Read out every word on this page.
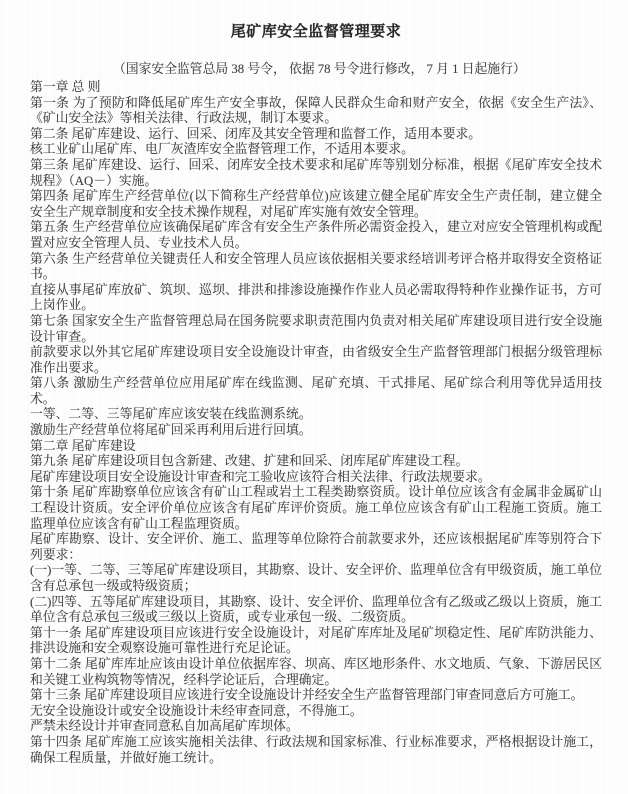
尾矿库安全监督管理要求
（国家安全监管总局 38 号令， 依据 78 号令进行修改， 7 月 1 日起施行）

第一章 总 则

第一条 为了预防和降低尾矿库生产安全事故，保障人民群众生命和财产安全，依据《安全生产法》、《矿山安全法》等相关法律、行政法规，制订本要求。

第二条 尾矿库建设、运行、回采、闭库及其安全管理和监督工作，适用本要求。

核工业矿山尾矿库、电厂灰渣库安全监督管理工作，不适用本要求。

第三条 尾矿库建设、运行、回采、闭库安全技术要求和尾矿库等别划分标准，根据《尾矿库安全技术规程》（AQ－）实施。

第四条 尾矿库生产经营单位(以下简称生产经营单位)应该建立健全尾矿库安全生产责任制，建立健全安全生产规章制度和安全技术操作规程，对尾矿库实施有效安全管理。

第五条 生产经营单位应该确保尾矿库含有安全生产条件所必需资金投入，建立对应安全管理机构或配置对应安全管理人员、专业技术人员。

第六条 生产经营单位关键责任人和安全管理人员应该依据相关要求经培训考评合格并取得安全资格证书。

直接从事尾矿库放矿、筑坝、巡坝、排洪和排渗设施操作作业人员必需取得特种作业操作证书，方可上岗作业。

第七条 国家安全生产监督管理总局在国务院要求职责范围内负责对相关尾矿库建设项目进行安全设施设计审查。

前款要求以外其它尾矿库建设项目安全设施设计审查，由省级安全生产监督管理部门根据分级管理标准作出要求。

第八条 激励生产经营单位应用尾矿库在线监测、尾矿充填、干式排尾、尾矿综合利用等优异适用技术。

一等、二等、三等尾矿库应该安装在线监测系统。

激励生产经营单位将尾矿回采再利用后进行回填。

第二章 尾矿库建设

第九条 尾矿库建设项目包含新建、改建、扩建和回采、闭库尾矿库建设工程。

尾矿库建设项目安全设施设计审查和完工验收应该符合相关法律、行政法规要求。

第十条 尾矿库勘察单位应该含有矿山工程或岩土工程类勘察资质。设计单位应该含有金属非金属矿山工程设计资质。安全评价单位应该含有尾矿库评价资质。施工单位应该含有矿山工程施工资质。施工监理单位应该含有矿山工程监理资质。

尾矿库勘察、设计、安全评价、施工、监理等单位除符合前款要求外，还应该根据尾矿库等别符合下列要求：

(一)一等、二等、三等尾矿库建设项目，其勘察、设计、安全评价、监理单位含有甲级资质，施工单位含有总承包一级或特级资质；

(二)四等、五等尾矿库建设项目，其勘察、设计、安全评价、监理单位含有乙级或乙级以上资质，施工单位含有总承包三级或三级以上资质，或专业承包一级、二级资质。

第十一条 尾矿库建设项目应该进行安全设施设计，对尾矿库库址及尾矿坝稳定性、尾矿库防洪能力、排洪设施和安全观察设施可靠性进行充足论证。

第十二条 尾矿库库址应该由设计单位依据库容、坝高、库区地形条件、水文地质、气象、下游居民区和关键工业构筑物等情况，经科学论证后，合理确定。

第十三条 尾矿库建设项目应该进行安全设施设计并经安全生产监督管理部门审查同意后方可施工。

无安全设施设计或安全设施设计未经审查同意，不得施工。

严禁未经设计并审查同意私自加高尾矿库坝体。

第十四条 尾矿库施工应该实施相关法律、行政法规和国家标准、行业标准要求，严格根据设计施工，确保工程质量，并做好施工统计。
